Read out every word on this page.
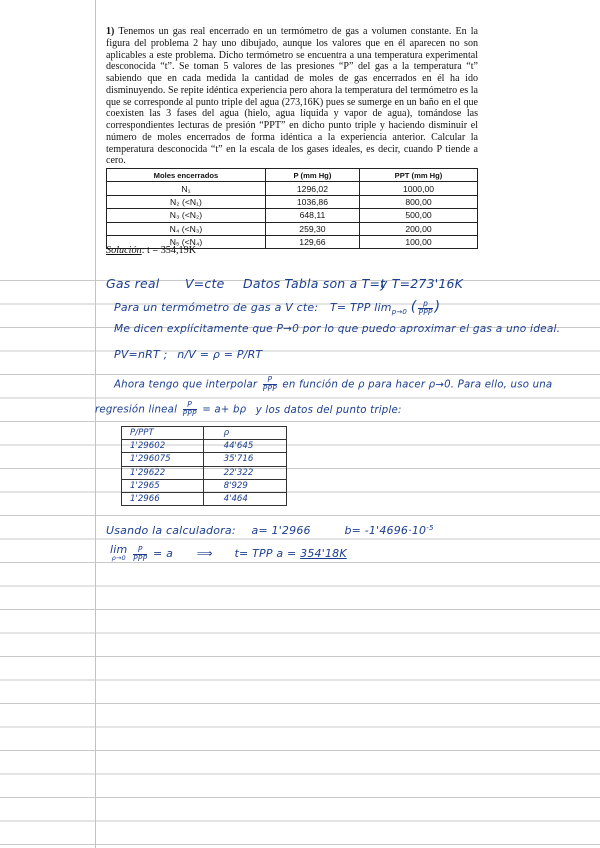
1) Tenemos un gas real encerrado en un termómetro de gas a volumen constante. En la figura del problema 2 hay uno dibujado, aunque los valores que en él aparecen no son aplicables a este problema. Dicho termómetro se encuentra a una temperatura experimental desconocida “t”. Se toman 5 valores de las presiones “P” del gas a la temperatura “t” sabiendo que en cada medida la cantidad de moles de gas encerrados en él ha ido disminuyendo. Se repite idéntica experiencia pero ahora la temperatura del termómetro es la que se corresponde al punto triple del agua (273,16K) pues se sumerge en un baño en el que coexisten las 3 fases del agua (hielo, agua líquida y vapor de agua), tomándose las correspondientes lecturas de presión “PPT” en dicho punto triple y haciendo disminuir el número de moles encerrados de forma idéntica a la experiencia anterior. Calcular la temperatura desconocida “t” en la escala de los gases ideales, es decir, cuando P tiende a cero.
Moles encerrados	P (mm Hg)	PPT (mm Hg)
N₁	1296,02	1000,00
N₂ (<N₁)	1036,86	800,00
N₃ (<N₂)	648,11	500,00
N₄ (<N₃)	259,30	200,00
N₅ (<N₄)	129,66	100,00
Solución: t = 354,19K
Gas real V=cte Datos Tabla son a T=t
y T=273'16K
Para un termómetro de gas a V cte: T= TPP $\lim_{p\to 0}$ ( $\frac{p}{\text{PPP}}$ )
Me dicen explícitamente que P→0 por lo que puedo aproximar el gas a uno ideal.
PV=nRT ; n/V = ρ = P/RT
Ahora tengo que interpolar $\frac{P}{\text{PPP}}$ en función de ρ para hacer ρ→0. Para ello, uso una
regresión lineal $\frac{P}{\text{PPP}} = a+ b\rho$ y los datos del punto triple:
P/PPT	ρ
1'29602	44'645
1'296075	35'716
1'29622	22'322
1'2965	8'929
1'2966	4'464
Usando la calculadora: a= 1'2966	$b= -1'4696\cdot 10^{-5}$
lim
ρ→0
$\frac{P}{\text{PPP}} = a$ ⟹ t= TPP a = 354'18K
